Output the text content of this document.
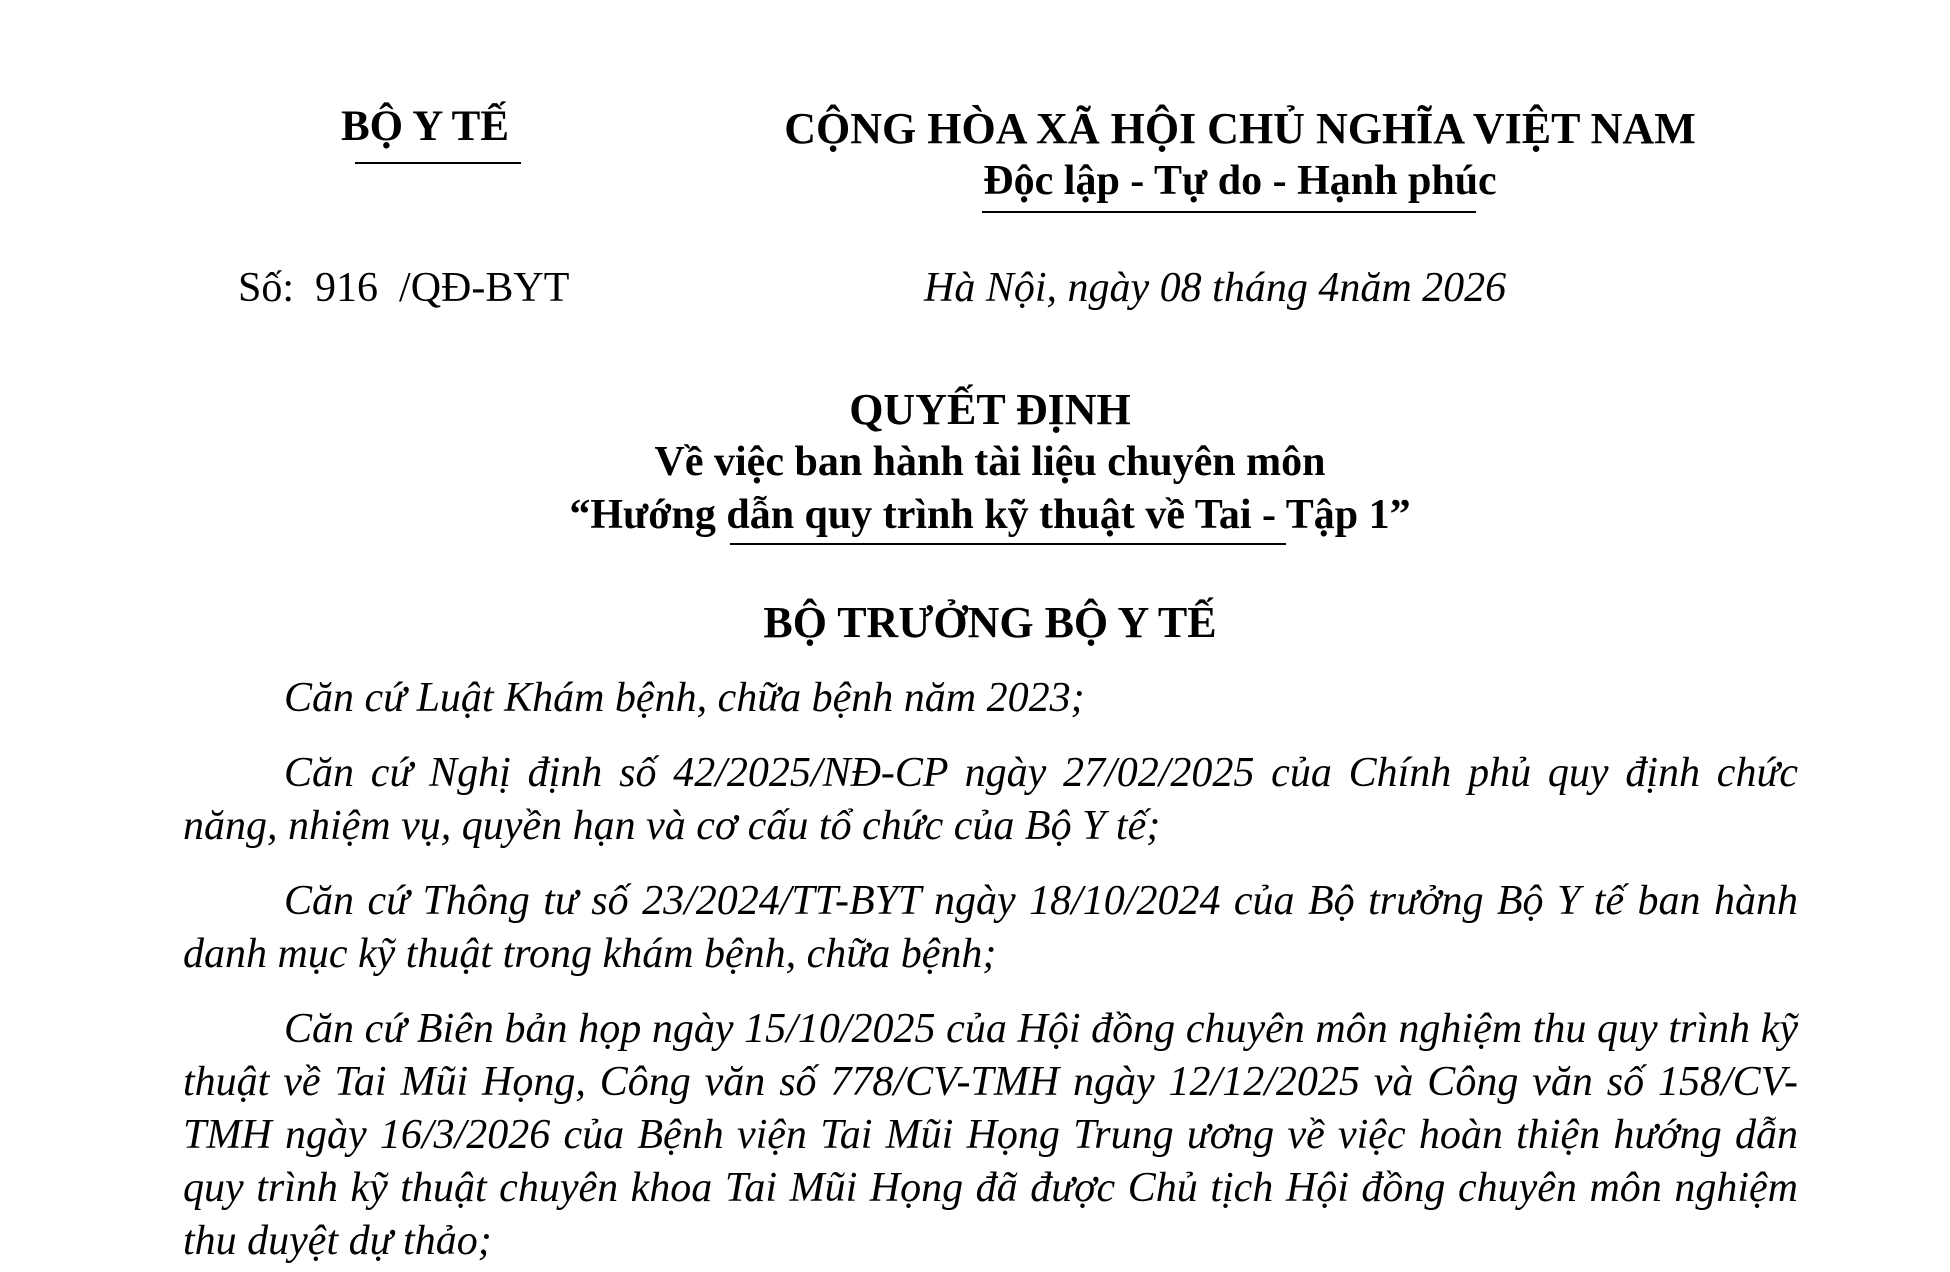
BỘ Y TẾ	CỘNG HÒA XÃ HỘI CHỦ NGHĨA VIỆT NAM
Độc lập - Tự do - Hạnh phúc
Số: 916 /QĐ-BYT	Hà Nội, ngày 08 tháng 4năm 2026
QUYẾT ĐỊNH
Về việc ban hành tài liệu chuyên môn
“Hướng dẫn quy trình kỹ thuật về Tai - Tập 1”
BỘ TRƯỞNG BỘ Y TẾ
Căn cứ Luật Khám bệnh, chữa bệnh năm 2023;
Căn cứ Nghị định số 42/2025/NĐ-CP ngày 27/02/2025 của Chính phủ quy định chức năng, nhiệm vụ, quyền hạn và cơ cấu tổ chức của Bộ Y tế;
Căn cứ Thông tư số 23/2024/TT-BYT ngày 18/10/2024 của Bộ trưởng Bộ Y tế ban hành danh mục kỹ thuật trong khám bệnh, chữa bệnh;
Căn cứ Biên bản họp ngày 15/10/2025 của Hội đồng chuyên môn nghiệm thu quy trình kỹ thuật về Tai Mũi Họng, Công văn số 778/CV-TMH ngày 12/12/2025 và Công văn số 158/CV-TMH ngày 16/3/2026 của Bệnh viện Tai Mũi Họng Trung ương về việc hoàn thiện hướng dẫn quy trình kỹ thuật chuyên khoa Tai Mũi Họng đã được Chủ tịch Hội đồng chuyên môn nghiệm thu duyệt dự thảo;
